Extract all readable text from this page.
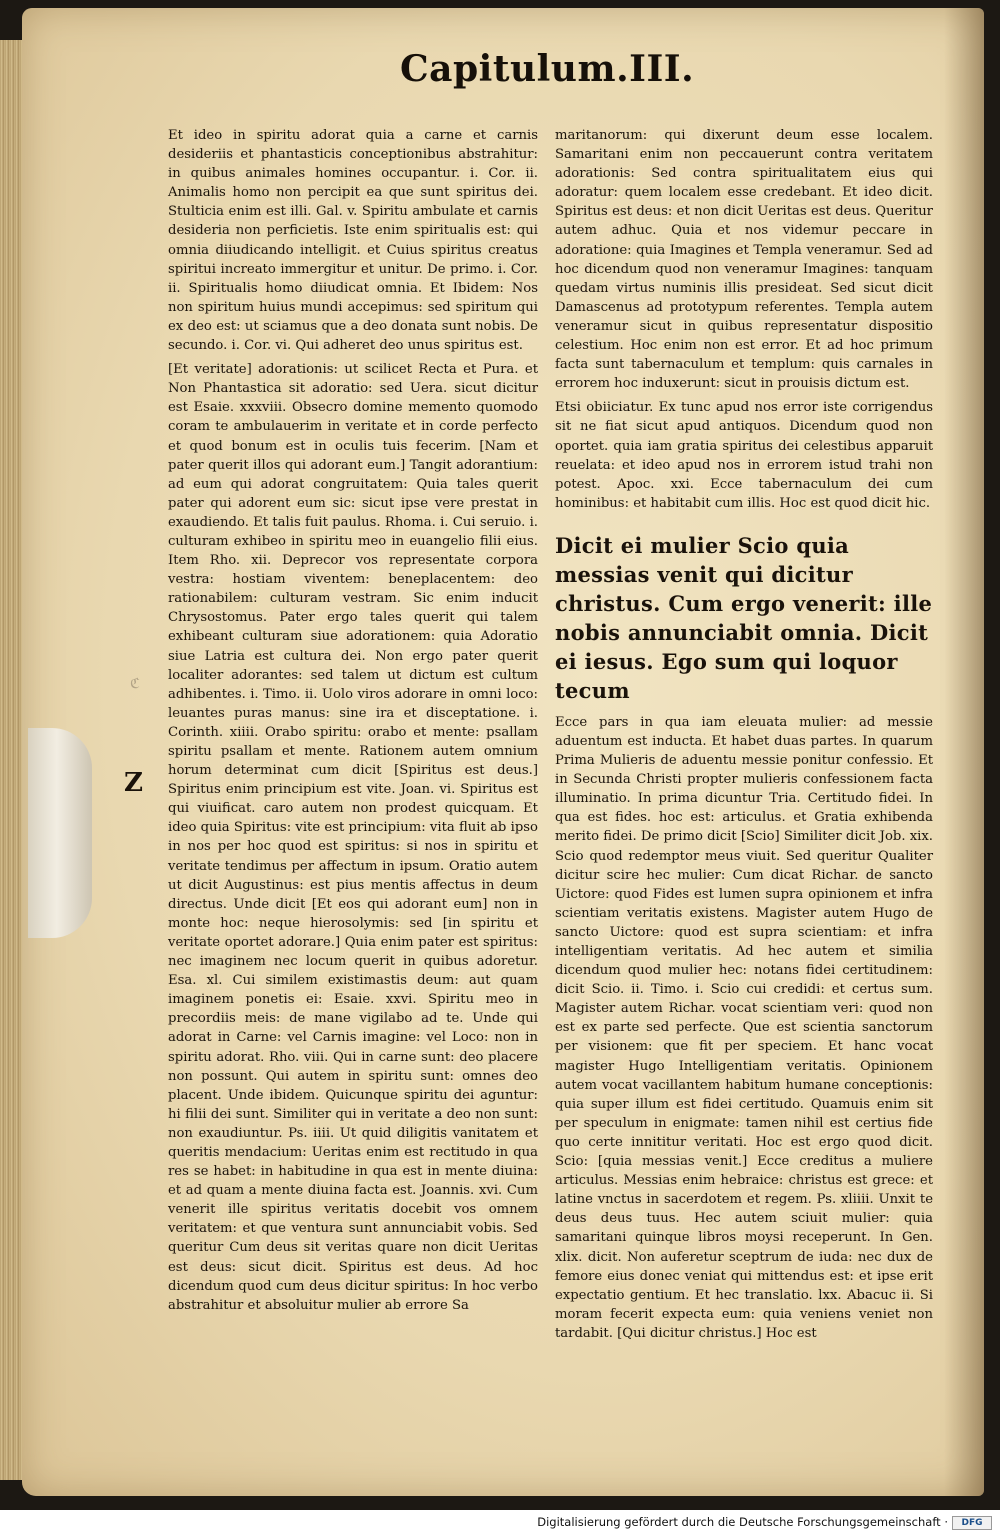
Capitulum.III.
ℭ
Z

Et ideo in spiritu adorat quia a carne et carnis desideriis et phantasticis conceptionibus abstrahitur: in quibus animales homines occupantur. i. Cor. ii. Animalis homo non percipit ea que sunt spiritus dei. Stulticia enim est illi. Gal. v. Spiritu ambulate et carnis desideria non perficietis. Iste enim spiritualis est: qui omnia diiudicando intelligit. et Cuius spiritus creatus spiritui increato immergitur et unitur. De primo. i. Cor. ii. Spiritualis homo diiudicat omnia. Et Ibidem: Nos non spiritum huius mundi accepimus: sed spiritum qui ex deo est: ut sciamus que a deo donata sunt nobis. De secundo. i. Cor. vi. Qui adheret deo unus spiritus est.

[Et veritate] adorationis: ut scilicet Recta et Pura. et Non Phantastica sit adoratio: sed Uera. sicut dicitur est Esaie. xxxviii. Obsecro domine memento quomodo coram te ambulauerim in veritate et in corde perfecto et quod bonum est in oculis tuis fecerim. [Nam et pater querit illos qui adorant eum.] Tangit adorantium: ad eum qui adorat congruitatem: Quia tales querit pater qui adorent eum sic: sicut ipse vere prestat in exaudiendo. Et talis fuit paulus. Rhoma. i. Cui seruio. i. culturam exhibeo in spiritu meo in euangelio filii eius. Item Rho. xii. Deprecor vos representate corpora vestra: hostiam viventem: beneplacentem: deo rationabilem: culturam vestram. Sic enim inducit Chrysostomus. Pater ergo tales querit qui talem exhibeant culturam siue adorationem: quia Adoratio siue Latria est cultura dei. Non ergo pater querit localiter adorantes: sed talem ut dictum est cultum adhibentes. i. Timo. ii. Uolo viros adorare in omni loco: leuantes puras manus: sine ira et disceptatione. i. Corinth. xiiii. Orabo spiritu: orabo et mente: psallam spiritu psallam et mente. Rationem autem omnium horum determinat cum dicit [Spiritus est deus.] Spiritus enim principium est vite. Joan. vi. Spiritus est qui viuificat. caro autem non prodest quicquam. Et ideo quia Spiritus: vite est principium: vita fluit ab ipso in nos per hoc quod est spiritus: si nos in spiritu et veritate tendimus per affectum in ipsum. Oratio autem ut dicit Augustinus: est pius mentis affectus in deum directus. Unde dicit [Et eos qui adorant eum] non in monte hoc: neque hierosolymis: sed [in spiritu et veritate oportet adorare.] Quia enim pater est spiritus: nec imaginem nec locum querit in quibus adoretur. Esa. xl. Cui similem existimastis deum: aut quam imaginem ponetis ei: Esaie. xxvi. Spiritu meo in precordiis meis: de mane vigilabo ad te. Unde qui adorat in Carne: vel Carnis imagine: vel Loco: non in spiritu adorat. Rho. viii. Qui in carne sunt: deo placere non possunt. Qui autem in spiritu sunt: omnes deo placent. Unde ibidem. Quicunque spiritu dei aguntur: hi filii dei sunt. Similiter qui in veritate a deo non sunt: non exaudiuntur. Ps. iiii. Ut quid diligitis vanitatem et queritis mendacium: Ueritas enim est rectitudo in qua res se habet: in habitudine in qua est in mente diuina: et ad quam a mente diuina facta est. Joannis. xvi. Cum venerit ille spiritus veritatis docebit vos omnem veritatem: et que ventura sunt annunciabit vobis. Sed queritur Cum deus sit veritas quare non dicit Ueritas est deus: sicut dicit. Spiritus est deus. Ad hoc dicendum quod cum deus dicitur spiritus: In hoc verbo abstrahitur et absoluitur mulier ab errore Sa

maritanorum: qui dixerunt deum esse localem. Samaritani enim non peccauerunt contra veritatem adorationis: Sed contra spiritualitatem eius qui adoratur: quem localem esse credebant. Et ideo dicit. Spiritus est deus: et non dicit Ueritas est deus. Queritur autem adhuc. Quia et nos videmur peccare in adoratione: quia Imagines et Templa veneramur. Sed ad hoc dicendum quod non veneramur Imagines: tanquam quedam virtus numinis illis presideat. Sed sicut dicit Damascenus ad prototypum referentes. Templa autem veneramur sicut in quibus representatur dispositio celestium. Hoc enim non est error. Et ad hoc primum facta sunt tabernaculum et templum: quis carnales in errorem hoc induxerunt: sicut in prouisis dictum est.

Etsi obiiciatur. Ex tunc apud nos error iste corrigendus sit ne fiat sicut apud antiquos. Dicendum quod non oportet. quia iam gratia spiritus dei celestibus apparuit reuelata: et ideo apud nos in errorem istud trahi non potest. Apoc. xxi. Ecce tabernaculum dei cum hominibus: et habitabit cum illis. Hoc est quod dicit hic.

Dicit ei mulier Scio quia messias venit qui dicitur christus. Cum ergo venerit: ille nobis annunciabit omnia. Dicit ei iesus. Ego sum qui loquor tecum

Ecce pars in qua iam eleuata mulier: ad messie aduentum est inducta. Et habet duas partes. In quarum Prima Mulieris de aduentu messie ponitur confessio. Et in Secunda Christi propter mulieris confessionem facta illuminatio. In prima dicuntur Tria. Certitudo fidei. In qua est fides. hoc est: articulus. et Gratia exhibenda merito fidei. De primo dicit [Scio] Similiter dicit Job. xix. Scio quod redemptor meus viuit. Sed queritur Qualiter dicitur scire hec mulier: Cum dicat Richar. de sancto Uictore: quod Fides est lumen supra opinionem et infra scientiam veritatis existens. Magister autem Hugo de sancto Uictore: quod est supra scientiam: et infra intelligentiam veritatis. Ad hec autem et similia dicendum quod mulier hec: notans fidei certitudinem: dicit Scio. ii. Timo. i. Scio cui credidi: et certus sum. Magister autem Richar. vocat scientiam veri: quod non est ex parte sed perfecte. Que est scientia sanctorum per visionem: que fit per speciem. Et hanc vocat magister Hugo Intelligentiam veritatis. Opinionem autem vocat vacillantem habitum humane conceptionis: quia super illum est fidei certitudo. Quamuis enim sit per speculum in enigmate: tamen nihil est certius fide quo certe innititur veritati. Hoc est ergo quod dicit. Scio: [quia messias venit.] Ecce creditus a muliere articulus. Messias enim hebraice: christus est grece: et latine vnctus in sacerdotem et regem. Ps. xliiii. Unxit te deus deus tuus. Hec autem sciuit mulier: quia samaritani quinque libros moysi receperunt. In Gen. xlix. dicit. Non auferetur sceptrum de iuda: nec dux de femore eius donec veniat qui mittendus est: et ipse erit expectatio gentium. Et hec translatio. lxx. Abacuc ii. Si moram fecerit expecta eum: quia veniens veniet non tardabit. [Qui dicitur christus.] Hoc est

Digitalisierung gefördert durch die Deutsche Forschungsgemeinschaft ·	DFG
